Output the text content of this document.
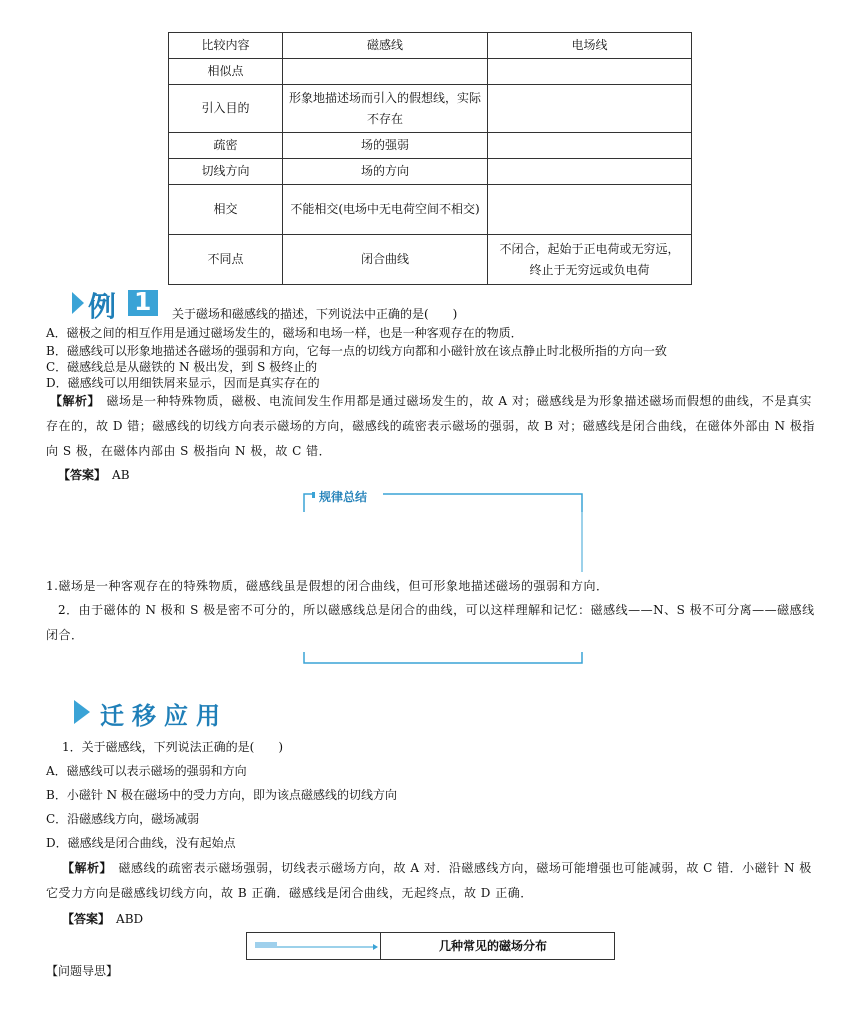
比较内容	磁感线	电场线
相似点		
引入目的	形象地描述场而引入的假想线，实际不存在	
疏密	场的强弱	
切线方向	场的方向	
相交	不能相交(电场中无电荷空间不相交)	
不同点	闭合曲线	不闭合，起始于正电荷或无穷远，终止于无穷远或负电荷
例 1 关于磁场和磁感线的描述，下列说法中正确的是(　　)
A．磁极之间的相互作用是通过磁场发生的，磁场和电场一样，也是一种客观存在的物质．
B．磁感线可以形象地描述各磁场的强弱和方向，它每一点的切线方向都和小磁针放在该点静止时北极所指的方向一致
C．磁感线总是从磁铁的 N 极出发，到 S 极终止的
D．磁感线可以用细铁屑来显示，因而是真实存在的
【解析】　 磁场是一种特殊物质，磁极、电流间发生作用都是通过磁场发生的，故 A 对；磁感线是为形象描述磁场而假想的曲线，不是真实存在的，故 D 错；磁感线的切线方向表示磁场的方向，磁感线的疏密表示磁场的强弱，故 B 对；磁感线是闭合曲线，在磁体外部由 N 极指向 S 极，在磁体内部由 S 极指向 N 极，故 C 错．
【答案】　 AB
规律总结
1.磁场是一种客观存在的特殊物质，磁感线虽是假想的闭合曲线，但可形象地描述磁场的强弱和方向．
2．由于磁体的 N 极和 S 极是密不可分的，所以磁感线总是闭合的曲线，可以这样理解和记忆：磁感线——N、S 极不可分离——磁感线闭合．
迁移应用
1．关于磁感线，下列说法正确的是(　　)
A．磁感线可以表示磁场的强弱和方向
B．小磁针 N 极在磁场中的受力方向，即为该点磁感线的切线方向
C．沿磁感线方向，磁场减弱
D．磁感线是闭合曲线，没有起始点
【解析】　 磁感线的疏密表示磁场强弱，切线表示磁场方向，故 A 对．沿磁感线方向，磁场可能增强也可能减弱，故 C 错．小磁针 N 极它受力方向是磁感线切线方向，故 B 正确．磁感线是闭合曲线，无起终点，故 D 正确．
【答案】　 ABD
几种常见的磁场分布
【问题导思】
